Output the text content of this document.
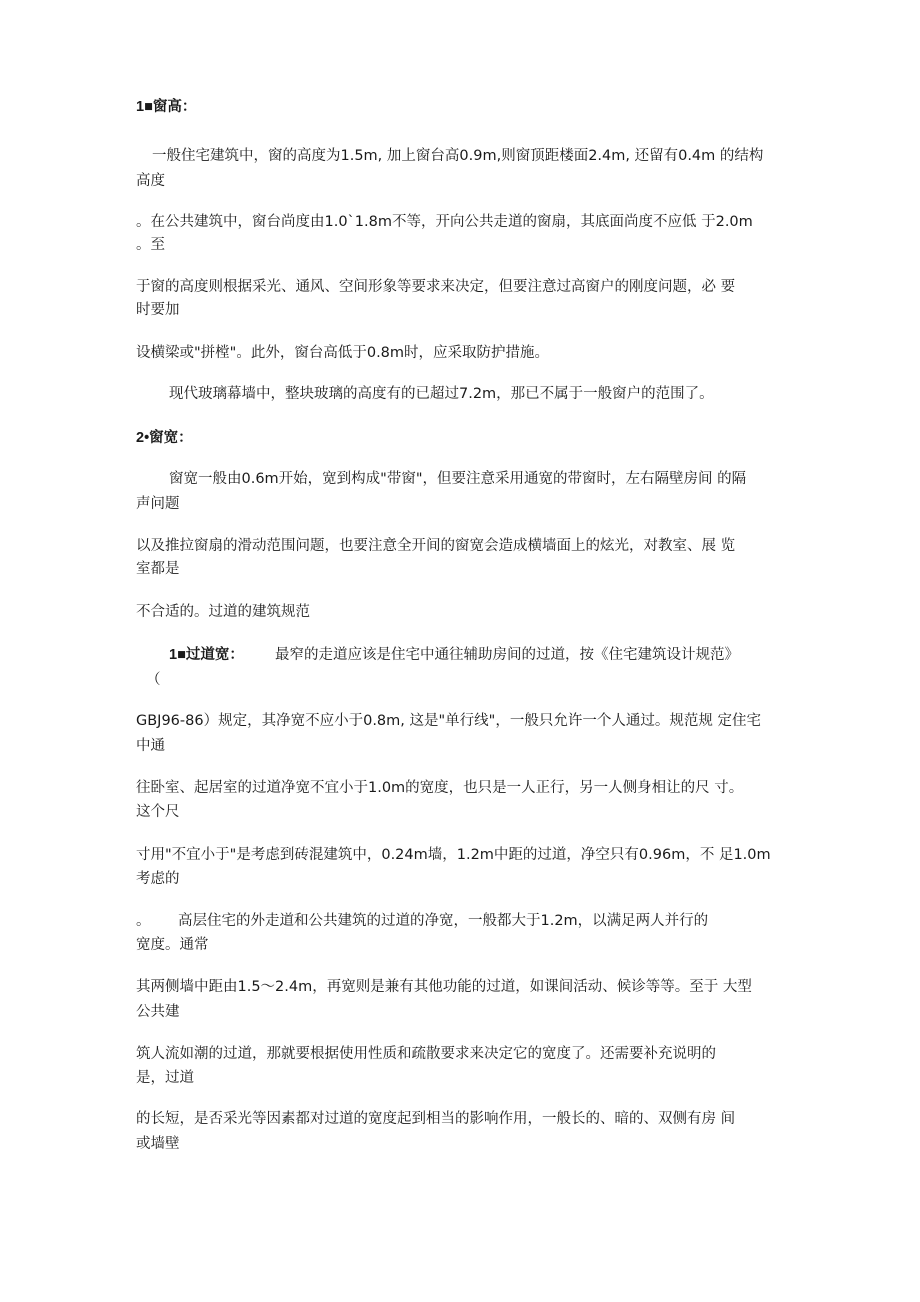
1■窗高：
一般住宅建筑中，窗的高度为1.5m, 加上窗台高0.9m,则窗顶距楼面2.4m, 还留有0.4m 的结构
高度
。在公共建筑中，窗台尚度由1.0`1.8m不等，开向公共走道的窗扇，其底面尚度不应低 于2.0m
。至
于窗的高度则根据采光、通风、空间形象等要求来决定，但要注意过高窗户的刚度问题，必 要
时要加
设横梁或"拼樘"。此外，窗台高低于0.8m时，应采取防护措施。
现代玻璃幕墙中，整块玻璃的高度有的已超过7.2m，那已不属于一般窗户的范围了。
2•窗宽：
窗宽一般由0.6m开始，宽到构成"带窗"，但要注意采用通宽的带窗时，左右隔壁房间 的隔
声问题
以及推拉窗扇的滑动范围问题，也要注意全开间的窗宽会造成横墙面上的炫光，对教室、展 览
室都是
不合适的。过道的建筑规范
1■过道宽：	最窄的走道应该是住宅中通往辅助房间的过道，按《住宅建筑设计规范》
（
GBJ96-86）规定，其净宽不应小于0.8m, 这是"单行线"，一般只允许一个人通过。规范规 定住宅
中通
往卧室、起居室的过道净宽不宜小于1.0m的宽度，也只是一人正行，另一人侧身相让的尺 寸。
这个尺
寸用"不宜小于"是考虑到砖混建筑中，0.24m墙，1.2m中距的过道，净空只有0.96m，不 足1.0m
考虑的
。	高层住宅的外走道和公共建筑的过道的净宽，一般都大于1.2m，以满足两人并行的
宽度。通常
其两侧墙中距由1.5〜2.4m，再宽则是兼有其他功能的过道，如课间活动、候诊等等。至于 大型
公共建
筑人流如潮的过道，那就要根据使用性质和疏散要求来决定它的宽度了。还需要补充说明的
是，过道
的长短，是否采光等因素都对过道的宽度起到相当的影响作用，一般长的、暗的、双侧有房 间
或墙壁
